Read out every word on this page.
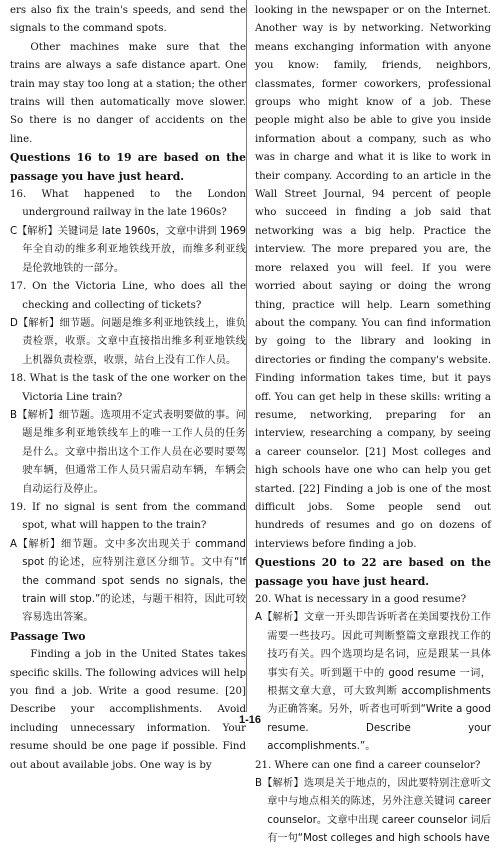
ers also fix the train's speeds, and send the signals to the command spots.

Other machines make sure that the trains are always a safe distance apart. One train may stay too long at a station; the other trains will then automatically move slower. So there is no danger of accidents on the line.

Questions 16 to 19 are based on the passage you have just heard.

16. What happened to the London underground railway in the late 1960s?

C【解析】关键词是 late 1960s，文章中讲到 1969 年全自动的维多利亚地铁线开放，而维多利亚线是伦敦地铁的一部分。

17. On the Victoria Line, who does all the checking and collecting of tickets?

D【解析】细节题。问题是维多利亚地铁线上，谁负责检票，收票。文章中直接指出维多利亚地铁线上机器负责检票，收票，站台上没有工作人员。

18. What is the task of the one worker on the Victoria Line train?

B【解析】细节题。选项用不定式表明要做的事。问题是维多利亚地铁线车上的唯一工作人员的任务是什么。文章中指出这个工作人员在必要时要驾驶车辆，但通常工作人员只需启动车辆，车辆会自动运行及停止。

19. If no signal is sent from the command spot, what will happen to the train?

A【解析】细节题。文中多次出现关于 command spot 的论述，应特别注意区分细节。文中有“If the command spot sends no signals, the train will stop.”的论述，与题干相符，因此可较容易选出答案。

Passage Two

Finding a job in the United States takes specific skills. The following advices will help you find a job. Write a good resume. [20] Describe your accomplishments. Avoid including unnecessary information. Your resume should be one page if possible. Find out about available jobs. One way is by

looking in the newspaper or on the Internet. Another way is by networking. Networking means exchanging information with anyone you know: family, friends, neighbors, classmates, former coworkers, professional groups who might know of a job. These people might also be able to give you inside information about a company, such as who was in charge and what it is like to work in their company. According to an article in the Wall Street Journal, 94 percent of people who succeed in finding a job said that networking was a big help. Practice the interview. The more prepared you are, the more relaxed you will feel. If you were worried about saying or doing the wrong thing, practice will help. Learn something about the company. You can find information by going to the library and looking in directories or finding the company's website. Finding information takes time, but it pays off. You can get help in these skills: writing a resume, networking, preparing for an interview, researching a company, by seeing a career counselor. [21] Most colleges and high schools have one who can help you get started. [22] Finding a job is one of the most difficult jobs. Some people send out hundreds of resumes and go on dozens of interviews before finding a job.

Questions 20 to 22 are based on the passage you have just heard.

20. What is necessary in a good resume?

A【解析】文章一开头即告诉听者在美国要找份工作需要一些技巧。因此可判断整篇文章跟找工作的技巧有关。四个选项均是名词，应是跟某一具体事实有关。听到题干中的 good resume 一词，根据文章大意，可大致判断 accomplishments 为正确答案。另外，听者也可听到“Write a good resume. Describe your accomplishments.”。

21. Where can one find a career counselor?

B【解析】选项是关于地点的，因此要特别注意听文章中与地点相关的陈述，另外注意关键词 career counselor。文章中出现 career counselor 词后有一句“Most colleges and high schools have

1-16
